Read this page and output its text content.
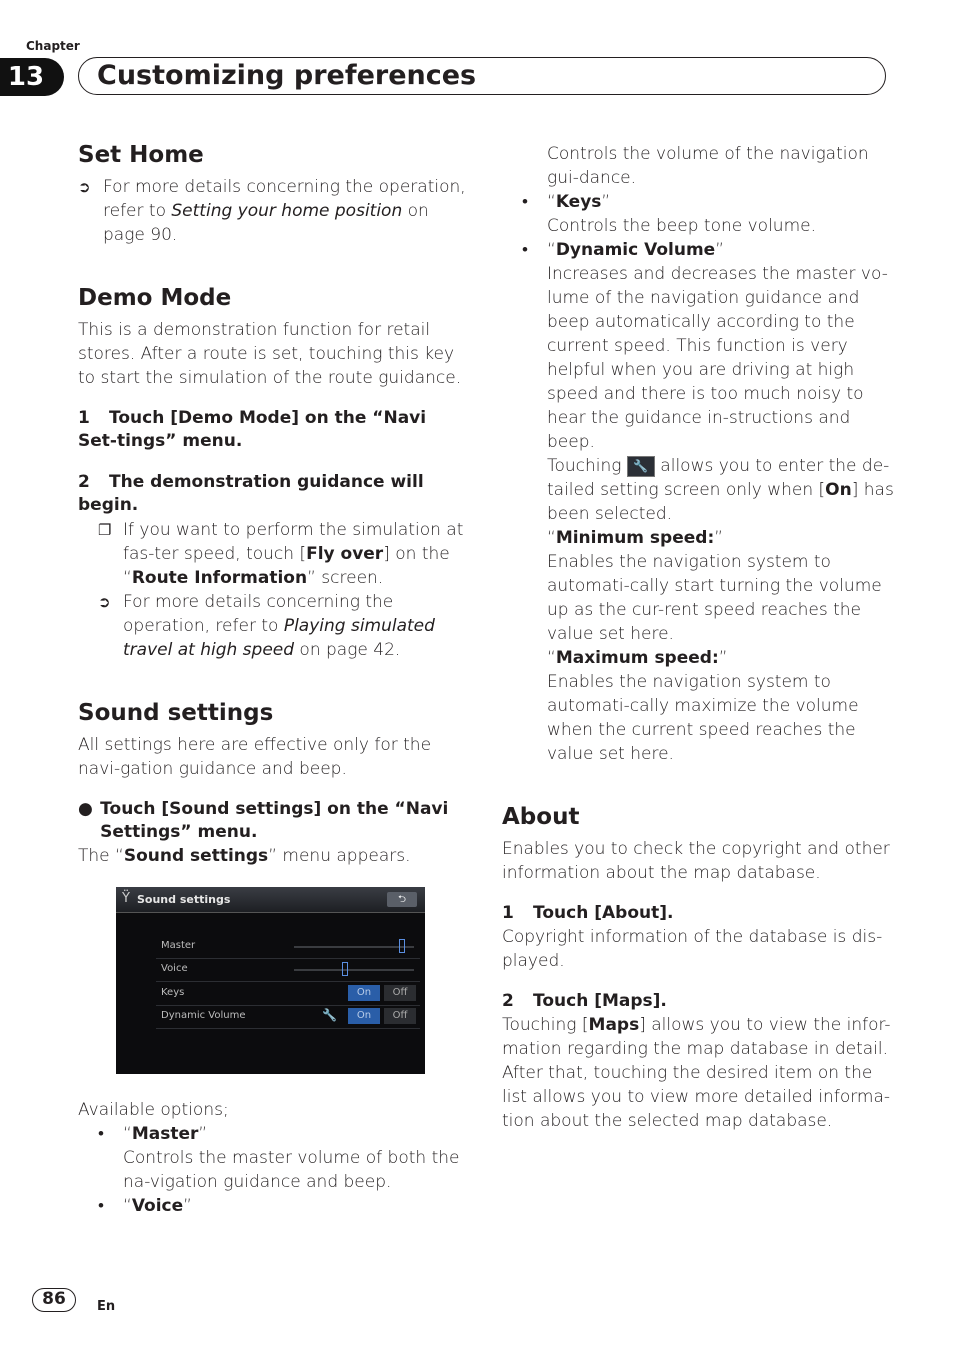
Chapter
13	Customizing preferences
Set Home
➲ For more details concerning the operation, refer to Setting your home position on page 90.
Demo Mode

This is a demonstration function for retail stores. After a route is set, touching this key to start the simulation of the route guidance.

1 Touch [Demo Mode] on the “Navi Set-tings” menu.
2 The demonstration guidance will begin.
❐ If you want to perform the simulation at fas-ter speed, touch [Fly over] on the “Route Information” screen.
➲ For more details concerning the operation, refer to Playing simulated travel at high speed on page 42.
Sound settings

All settings here are effective only for the navi-gation guidance and beep.

● Touch [Sound settings] on the “Navi Settings” menu.

The “Sound settings” menu appears.

Ϋ Sound settings	⮌
Master
Voice
Keys	On	Off
Dynamic Volume	🔧	On	Off

Available options;

•	“Master”

Controls the master volume of both the na-vigation guidance and beep.

•	“Voice”

Controls the volume of the navigation gui-dance.

•	“Keys”

Controls the beep tone volume.

•	“Dynamic Volume”

Increases and decreases the master vo-lume of the navigation guidance and beep automatically according to the current speed. This function is very helpful when you are driving at high speed and there is too much noisy to hear the guidance in-structions and beep.

Touching 🔧 allows you to enter the de-tailed setting screen only when [On] has been selected.

“Minimum speed:”

Enables the navigation system to automati-cally start turning the volume up as the cur-rent speed reaches the value set here.

“Maximum speed:”

Enables the navigation system to automati-cally maximize the volume when the current speed reaches the value set here.

About

Enables you to check the copyright and other information about the map database.

1 Touch [About].

Copyright information of the database is dis-played.

2 Touch [Maps].

Touching [Maps] allows you to view the infor-mation regarding the map database in detail. After that, touching the desired item on the list allows you to view more detailed informa-tion about the selected map database.

86	En
